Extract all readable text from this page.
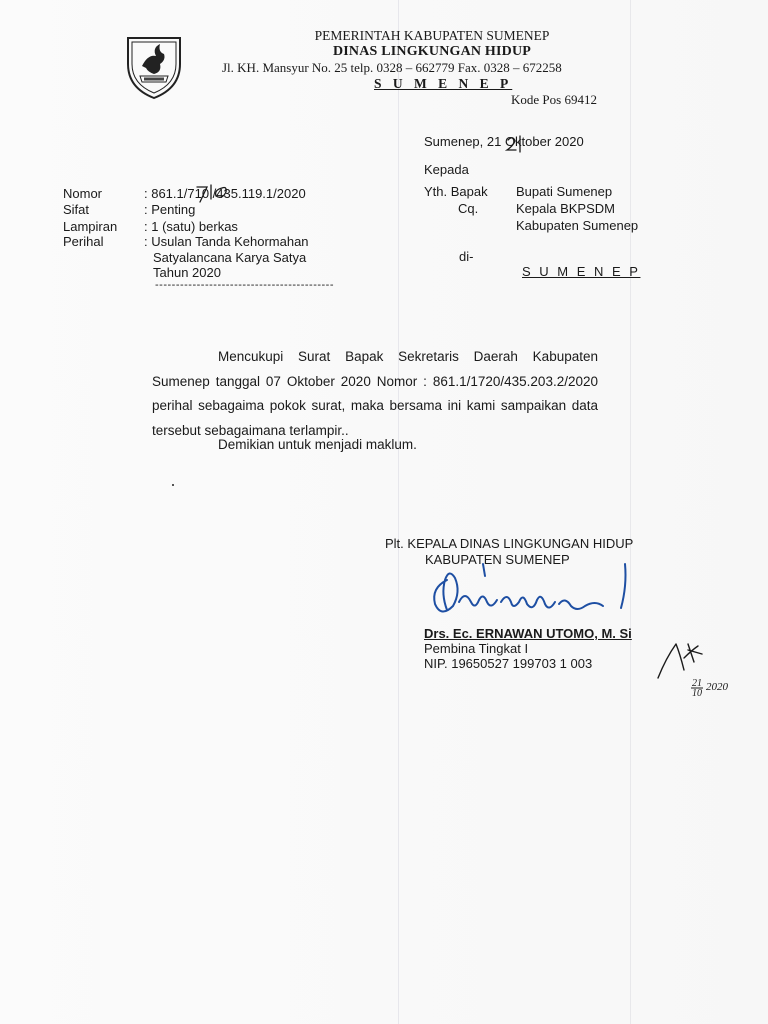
PEMERINTAH KABUPATEN SUMENEP
DINAS LINGKUNGAN HIDUP
Jl. KH. Mansyur No. 25 telp. 0328 – 662779 Fax. 0328 – 672258
S U M E N E P
Kode Pos 69412
Sumenep, 21 Oktober 2020
Kepada
Yth. Bapak Bupati Sumenep
Cq.	Kepala BKPSDM
Kabupaten Sumenep
di-
S U M E N E P
Nomor	: 861.1/710 /435.119.1/2020
Sifat	: Penting
Lampiran : 1 (satu) berkas
Perihal	: Usulan Tanda Kehormahan
Satyalancana Karya Satya
Tahun 2020
-------------------------------------------
Mencukupi Surat Bapak Sekretaris Daerah Kabupaten Sumenep tanggal 07 Oktober 2020 Nomor : 861.1/1720/435.203.2/2020 perihal sebagaima pokok surat, maka bersama ini kami sampaikan data tersebut sebagaimana terlampir..
Demikian untuk menjadi maklum.
Plt. KEPALA DINAS LINGKUNGAN HIDUP
KABUPATEN SUMENEP
Drs. Ec. ERNAWAN UTOMO, M. Si
Pembina Tingkat I
NIP. 19650527 199703 1 003
21
10
2020
